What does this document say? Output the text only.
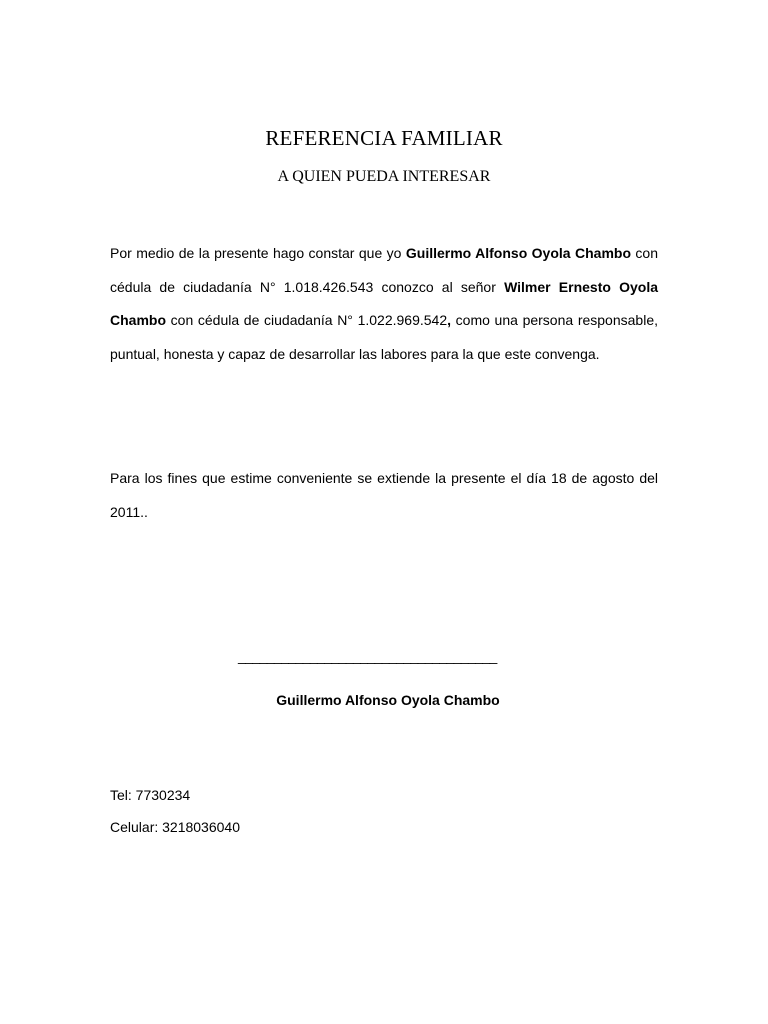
REFERENCIA FAMILIAR
A QUIEN PUEDA INTERESAR

Por medio de la presente hago constar que yo Guillermo Alfonso Oyola Chambo con cédula de ciudadanía N° 1.018.426.543 conozco al señor Wilmer Ernesto Oyola Chambo con cédula de ciudadanía N° 1.022.969.542, como una persona responsable, puntual, honesta y capaz de desarrollar las labores para la que este convenga.

Para los fines que estime conveniente se extiende la presente el día 18 de agosto del 2011..

____________________________________

Guillermo Alfonso Oyola Chambo

Tel: 7730234

Celular: 3218036040
